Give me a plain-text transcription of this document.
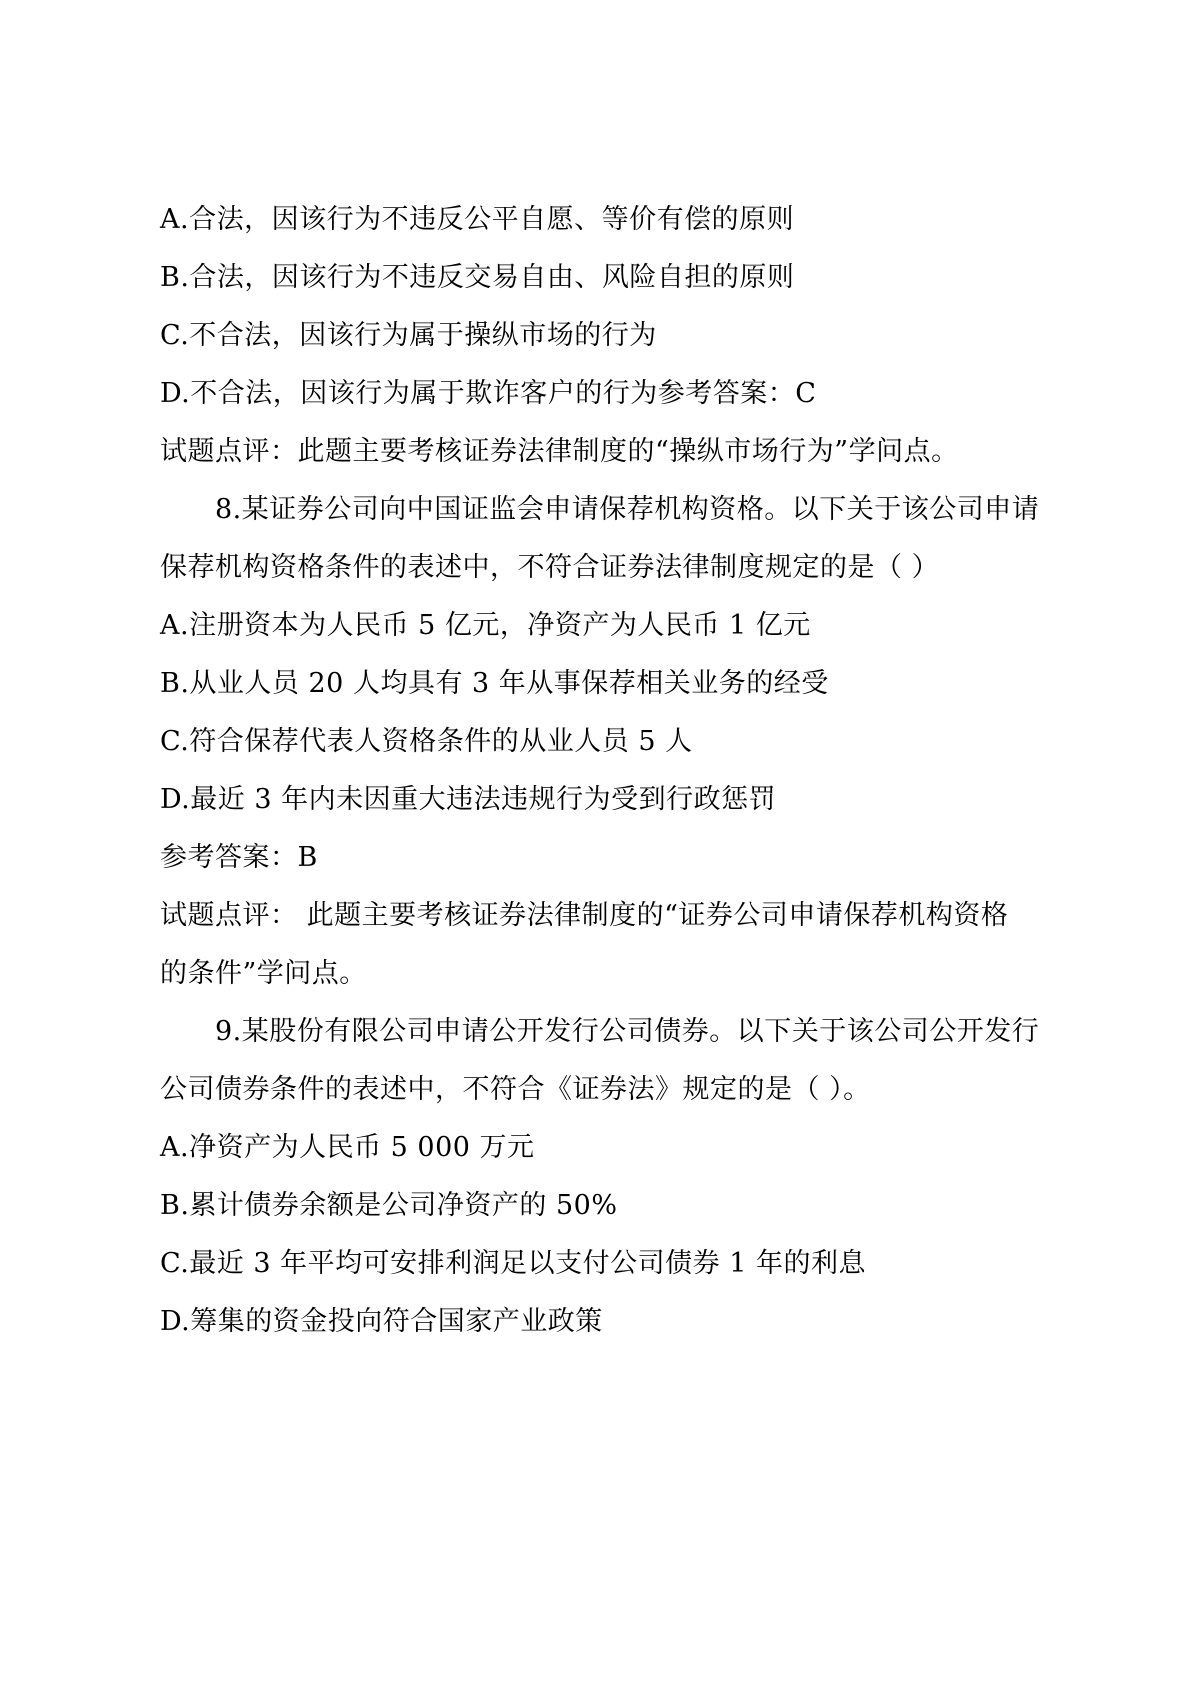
A.合法，因该行为不违反公平自愿、等价有偿的原则
B.合法，因该行为不违反交易自由、风险自担的原则
C.不合法，因该行为属于操纵市场的行为
D.不合法，因该行为属于欺诈客户的行为参考答案：C
试题点评：此题主要考核证券法律制度的“操纵市场行为”学问点。
8.某证券公司向中国证监会申请保荐机构资格。以下关于该公司申请
保荐机构资格条件的表述中，不符合证券法律制度规定的是（ ）
A.注册资本为人民币 5 亿元，净资产为人民币 1 亿元
B.从业人员 20 人均具有 3 年从事保荐相关业务的经受
C.符合保荐代表人资格条件的从业人员 5 人
D.最近 3 年内未因重大违法违规行为受到行政惩罚
参考答案：B
试题点评： 此题主要考核证券法律制度的“证券公司申请保荐机构资格
的条件”学问点。
9.某股份有限公司申请公开发行公司债券。以下关于该公司公开发行
公司债券条件的表述中，不符合《证券法》规定的是（ ）。
A.净资产为人民币 5 000 万元
B.累计债券余额是公司净资产的 50%
C.最近 3 年平均可安排利润足以支付公司债券 1 年的利息
D.筹集的资金投向符合国家产业政策
